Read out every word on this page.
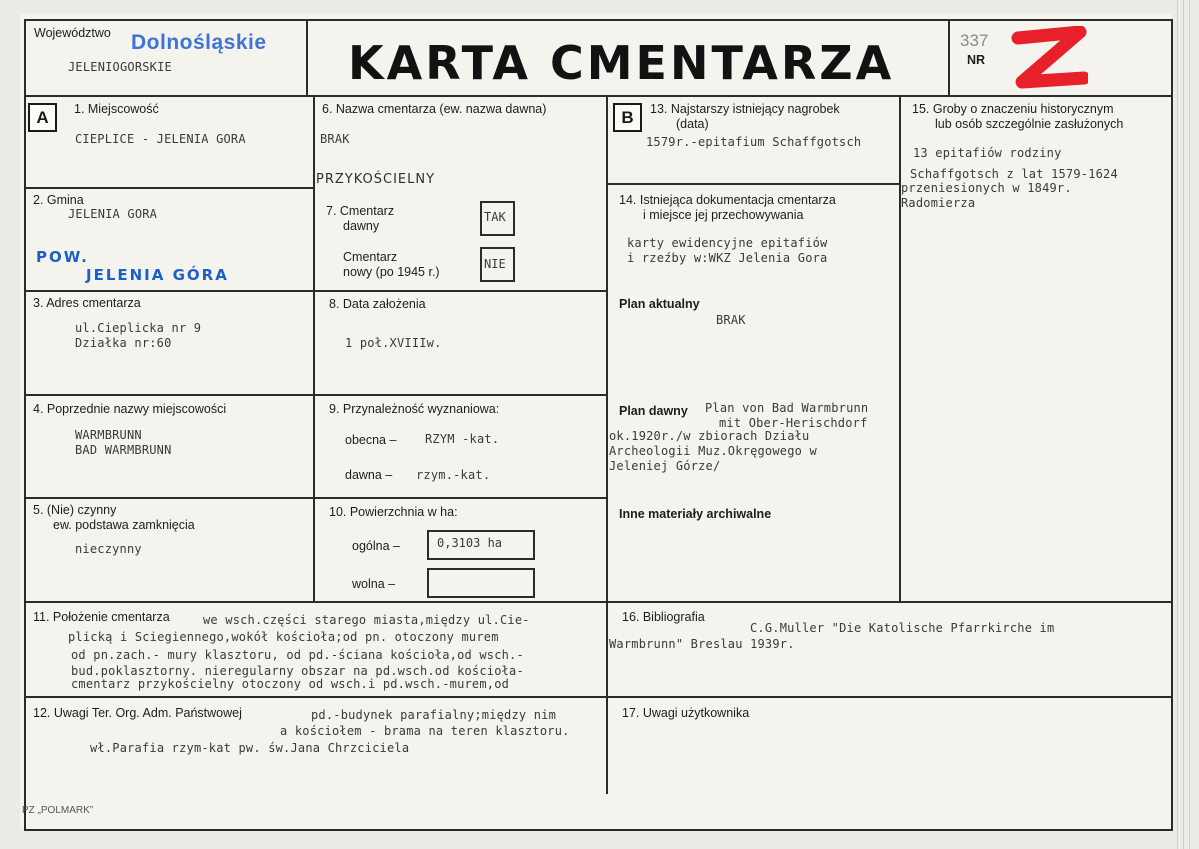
Województwo Dolnośląskie
JELENIOGORSKIE	KARTA CMENTARZA	337
NR
A	B
1. Miejscowość
CIEPLICE - JELENIA GORA
2. Gmina
JELENIA GORA
POW.
JELENIA GÓRA
3. Adres cmentarza
ul.Cieplicka nr 9
Działka nr:60
4. Poprzednie nazwy miejscowości
WARMBRUNN
BAD WARMBRUNN
5. (Nie) czynny
ew. podstawa zamknięcia
nieczynny
6. Nazwa cmentarza (ew. nazwa dawna)
BRAK
PRZYKOŚCIELNY
7. Cmentarz
dawny
TAK
Cmentarz
nowy (po 1945 r.)
NIE
8. Data założenia
1 poł.XVIIIw.
9. Przynależność wyznaniowa:
obecna – RZYM -kat.
dawna – rzym.-kat.
10. Powierzchnia w ha:
ogólna –	0,3103 ha
wolna –
13. Najstarszy istniejący nagrobek
(data)
1579r.-epitafium Schaffgotsch
14. Istniejąca dokumentacja cmentarza
i miejsce jej przechowywania
karty ewidencyjne epitafiów
i rzeźby w:WKZ Jelenia Gora
Plan aktualny
BRAK
Plan dawny Plan von Bad Warmbrunn
mit Ober-Herischdorf
ok.1920r./w zbiorach Działu
Archeologii Muz.Okręgowego w
Jeleniej Górze/
Inne materiały archiwalne
15. Groby o znaczeniu historycznym
lub osób szczególnie zasłużonych
13 epitafiów rodziny
Schaffgotsch z lat 1579-1624
przeniesionych w 1849r.
Radomierza
11. Położenie cmentarza	we wsch.części starego miasta,między ul.Cie-
plicką i Sciegiennego,wokół kościoła;od pn. otoczony murem
od pn.zach.- mury klasztoru, od pd.-ściana kościoła,od wsch.-
bud.poklasztorny. nieregularny obszar na pd.wsch.od kościoła-
cmentarz przykościelny otoczony od wsch.i pd.wsch.-murem,od
16. Bibliografia
C.G.Muller "Die Katolische Pfarrkirche im
Warmbrunn" Breslau 1939r.
12. Uwagi Ter. Org. Adm. Państwowej	pd.-budynek parafialny;między nim
a kościołem - brama na teren klasztoru.
wł.Parafia rzym-kat pw. św.Jana Chrzciciela
17. Uwagi użytkownika
PZ „POLMARK”
